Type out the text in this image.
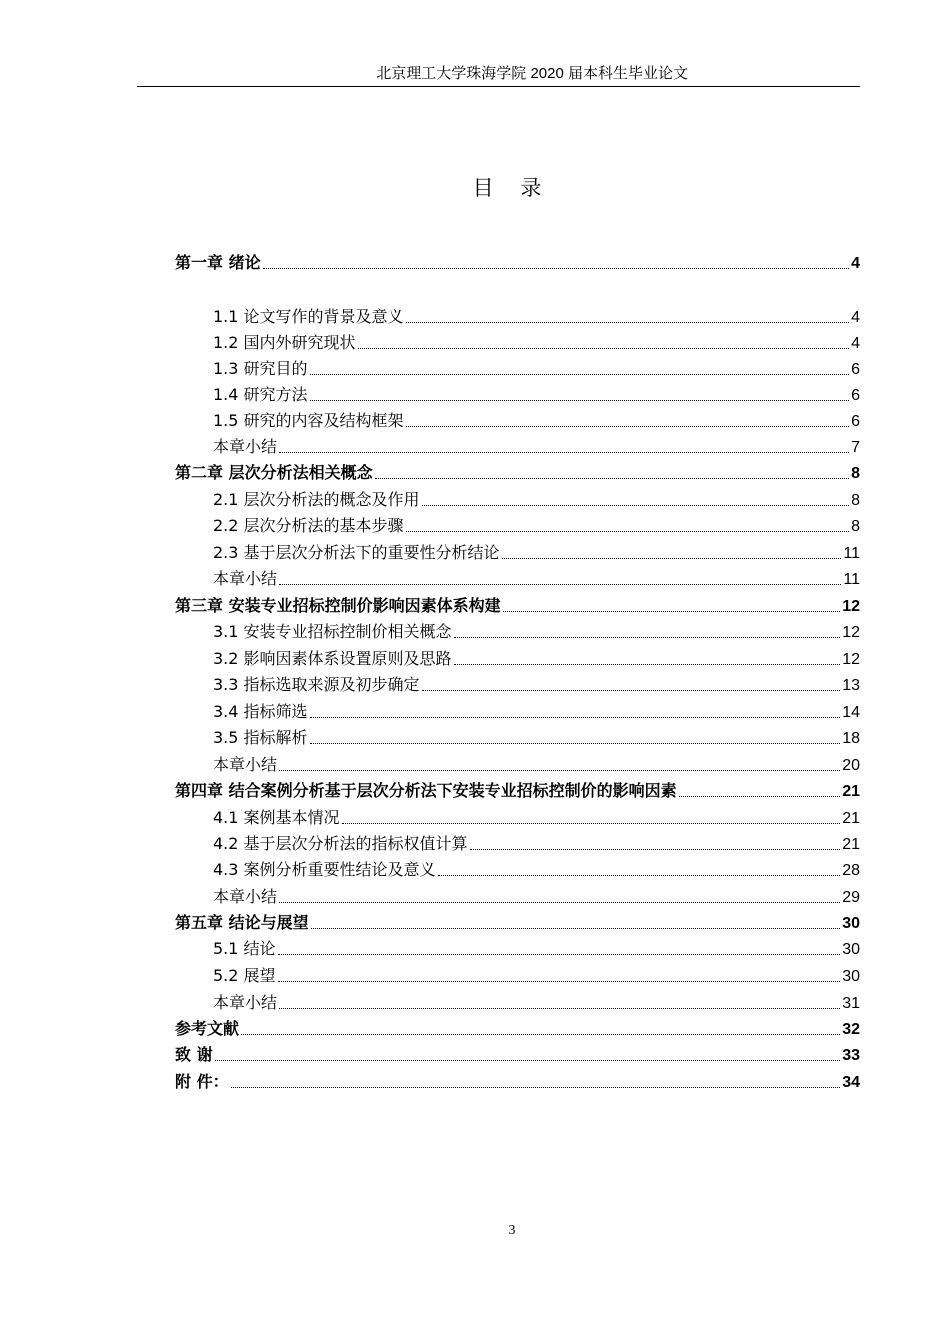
北京理工大学珠海学院 2020 届本科生毕业论文
目 录
第一章 绪论	4
1.1 论文写作的背景及意义	4
1.2 国内外研究现状	4
1.3 研究目的	6
1.4 研究方法	6
1.5 研究的内容及结构框架	6
本章小结	7
第二章 层次分析法相关概念	8
2.1 层次分析法的概念及作用	8
2.2 层次分析法的基本步骤	8
2.3 基于层次分析法下的重要性分析结论	11
本章小结	11
第三章 安装专业招标控制价影响因素体系构建	12
3.1 安装专业招标控制价相关概念	12
3.2 影响因素体系设置原则及思路	12
3.3 指标选取来源及初步确定	13
3.4 指标筛选	14
3.5 指标解析	18
本章小结	20
第四章 结合案例分析基于层次分析法下安装专业招标控制价的影响因素	21
4.1 案例基本情况	21
4.2 基于层次分析法的指标权值计算	21
4.3 案例分析重要性结论及意义	28
本章小结	29
第五章 结论与展望	30
5.1 结论	30
5.2 展望	30
本章小结	31
参考文献	32
致 谢	33
附 件：	34
3
